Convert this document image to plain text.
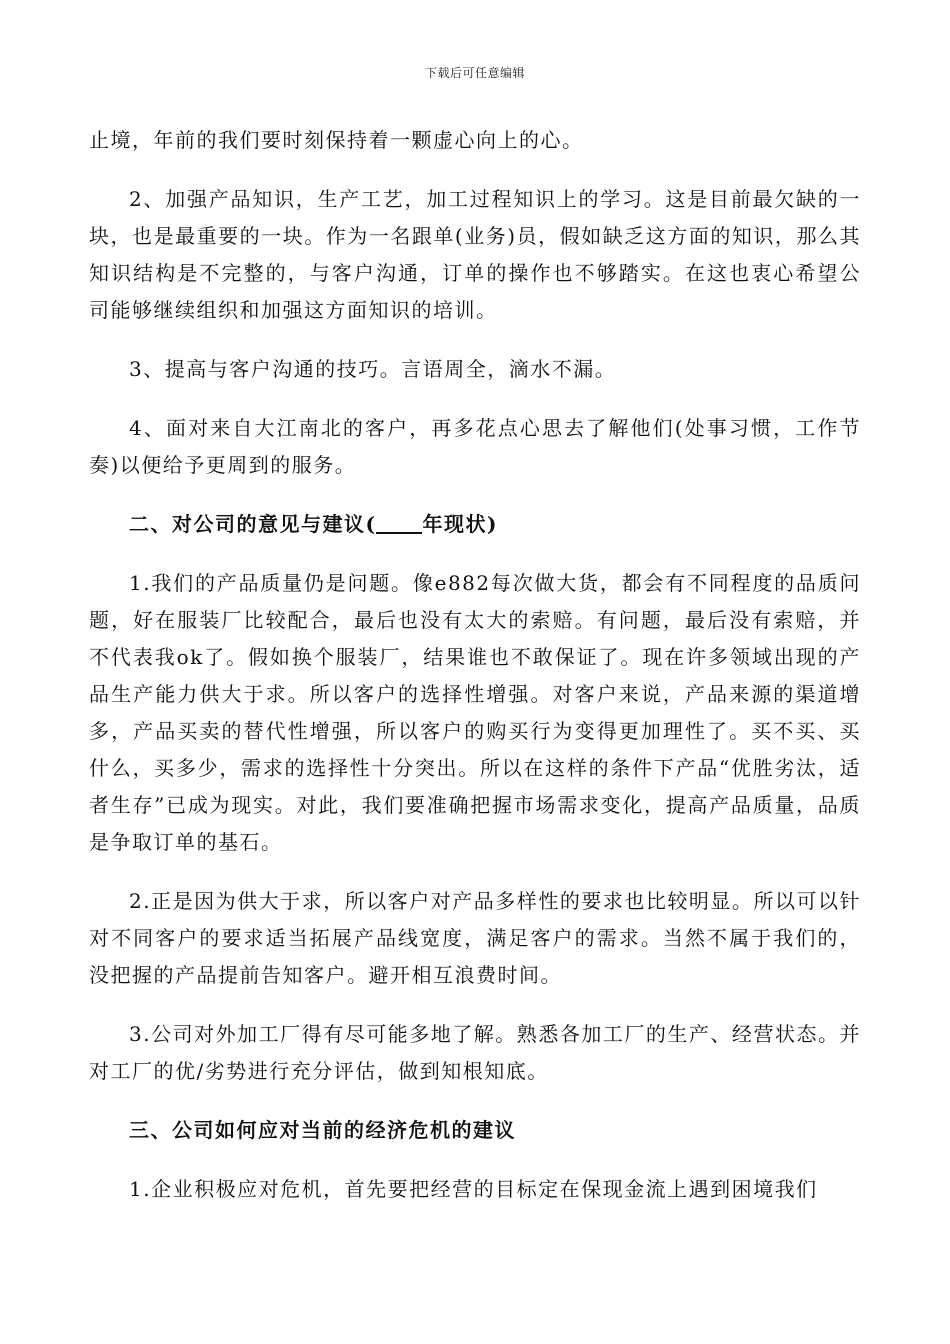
下载后可任意编辑

止境，年前的我们要时刻保持着一颗虚心向上的心。

2、加强产品知识，生产工艺，加工过程知识上的学习。这是目前最欠缺的一块，也是最重要的一块。作为一名跟单(业务)员，假如缺乏这方面的知识，那么其知识结构是不完整的，与客户沟通，订单的操作也不够踏实。在这也衷心希望公司能够继续组织和加强这方面知识的培训。

3、提高与客户沟通的技巧。言语周全，滴水不漏。

4、面对来自大江南北的客户，再多花点心思去了解他们(处事习惯，工作节奏)以便给予更周到的服务。

二、对公司的意见与建议( 年现状)

1.我们的产品质量仍是问题。像e882每次做大货，都会有不同程度的品质问题，好在服装厂比较配合，最后也没有太大的索赔。有问题，最后没有索赔，并不代表我ok了。假如换个服装厂，结果谁也不敢保证了。现在许多领域出现的产品生产能力供大于求。所以客户的选择性增强。对客户来说，产品来源的渠道增多，产品买卖的替代性增强，所以客户的购买行为变得更加理性了。买不买、买什么，买多少，需求的选择性十分突出。所以在这样的条件下产品“优胜劣汰，适者生存”已成为现实。对此，我们要准确把握市场需求变化，提高产品质量，品质是争取订单的基石。

2.正是因为供大于求，所以客户对产品多样性的要求也比较明显。所以可以针对不同客户的要求适当拓展产品线宽度，满足客户的需求。当然不属于我们的，没把握的产品提前告知客户。避开相互浪费时间。

3.公司对外加工厂得有尽可能多地了解。熟悉各加工厂的生产、经营状态。并对工厂的优/劣势进行充分评估，做到知根知底。

三、公司如何应对当前的经济危机的建议

1.企业积极应对危机，首先要把经营的目标定在保现金流上遇到困境我们
